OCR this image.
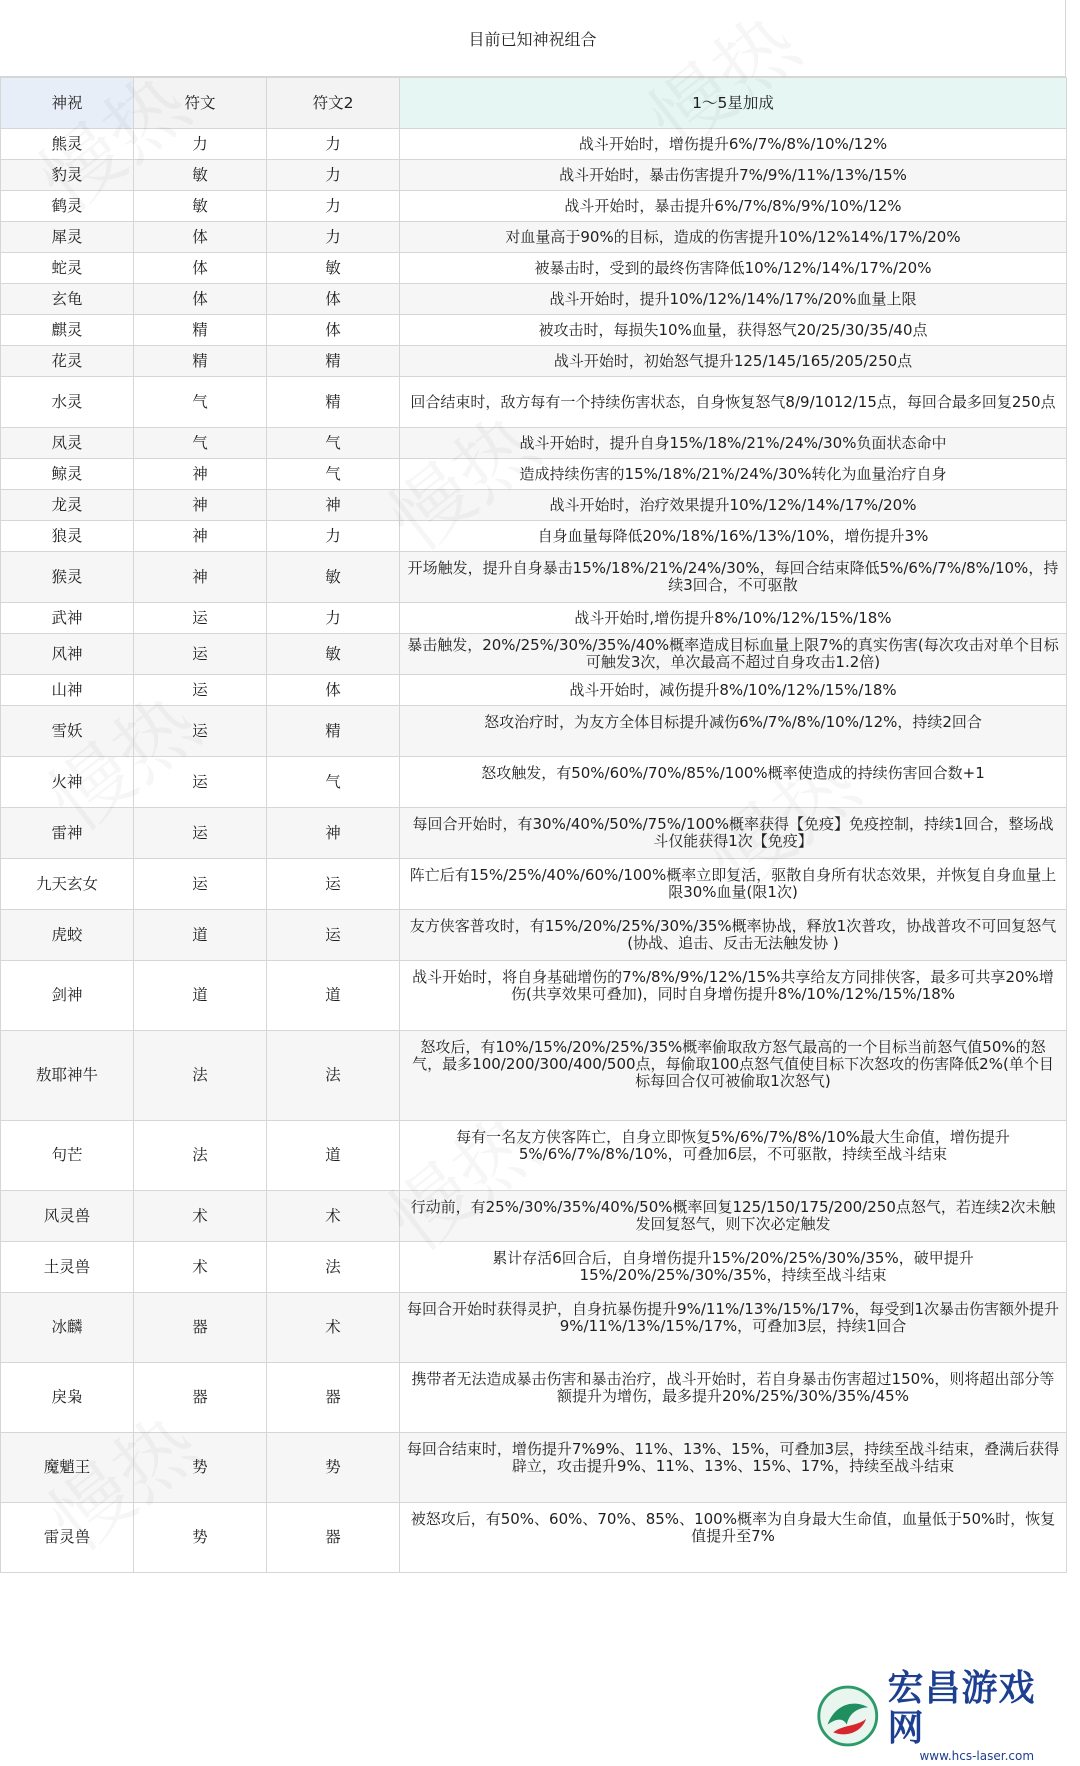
目前已知神祝组合
神祝	符文	符文2	1～5星加成
熊灵	力	力	战斗开始时，增伤提升6%/7%/8%/10%/12%
豹灵	敏	力	战斗开始时，暴击伤害提升7%/9%/11%/13%/15%
鹤灵	敏	力	战斗开始时，暴击提升6%/7%/8%/9%/10%/12%
犀灵	体	力	对血量高于90%的目标，造成的伤害提升10%/12%14%/17%/20%
蛇灵	体	敏	被暴击时，受到的最终伤害降低10%/12%/14%/17%/20%
玄龟	体	体	战斗开始时，提升10%/12%/14%/17%/20%血量上限
麒灵	精	体	被攻击时，每损失10%血量，获得怒气20/25/30/35/40点
花灵	精	精	战斗开始时，初始怒气提升125/145/165/205/250点
水灵	气	精	回合结束时，敌方每有一个持续伤害状态，自身恢复怒气8/9/1012/15点，每回合最多回复250点
凤灵	气	气	战斗开始时，提升自身15%/18%/21%/24%/30%负面状态命中
鲸灵	神	气	造成持续伤害的15%/18%/21%/24%/30%转化为血量治疗自身
龙灵	神	神	战斗开始时，治疗效果提升10%/12%/14%/17%/20%
狼灵	神	力	自身血量每降低20%/18%/16%/13%/10%，增伤提升3%
猴灵	神	敏	开场触发，提升自身暴击15%/18%/21%/24%/30%，每回合结束降低5%/6%/7%/8%/10%，持续3回合，不可驱散
武神	运	力	战斗开始时,增伤提升8%/10%/12%/15%/18%
风神	运	敏	暴击触发，20%/25%/30%/35%/40%概率造成目标血量上限7%的真实伤害(每次攻击对单个目标可触发3次，单次最高不超过自身攻击1.2倍)
山神	运	体	战斗开始时，减伤提升8%/10%/12%/15%/18%
雪妖	运	精	怒攻治疗时，为友方全体目标提升减伤6%/7%/8%/10%/12%，持续2回合
火神	运	气	怒攻触发，有50%/60%/70%/85%/100%概率使造成的持续伤害回合数+1
雷神	运	神	每回合开始时，有30%/40%/50%/75%/100%概率获得【免疫】免疫控制，持续1回合，整场战斗仅能获得1次【免疫】
九天玄女	运	运	阵亡后有15%/25%/40%/60%/100%概率立即复活，驱散自身所有状态效果，并恢复自身血量上限30%血量(限1次)
虎蛟	道	运	友方侠客普攻时，有15%/20%/25%/30%/35%概率协战，释放1次普攻，协战普攻不可回复怒气(协战、追击、反击无法触发协 )
剑神	道	道	战斗开始时，将自身基础增伤的7%/8%/9%/12%/15%共享给友方同排侠客，最多可共享20%增伤(共享效果可叠加)，同时自身增伤提升8%/10%/12%/15%/18%
敖耶神牛	法	法	怒攻后，有10%/15%/20%/25%/35%概率偷取敌方怒气最高的一个目标当前怒气值50%的怒气，最多100/200/300/400/500点，每偷取100点怒气值使目标下次怒攻的伤害降低2%(单个目标每回合仅可被偷取1次怒气)
句芒	法	道	每有一名友方侠客阵亡，自身立即恢复5%/6%/7%/8%/10%最大生命值，增伤提升5%/6%/7%/8%/10%，可叠加6层，不可驱散，持续至战斗结束
风灵兽	术	术	行动前，有25%/30%/35%/40%/50%概率回复125/150/175/200/250点怒气，若连续2次未触发回复怒气，则下次必定触发
土灵兽	术	法	累计存活6回合后，自身增伤提升15%/20%/25%/30%/35%，破甲提升15%/20%/25%/30%/35%，持续至战斗结束
冰麟	器	术	每回合开始时获得灵护，自身抗暴伤提升9%/11%/13%/15%/17%，每受到1次暴击伤害额外提升9%/11%/13%/15%/17%，可叠加3层，持续1回合
戾枭	器	器	携带者无法造成暴击伤害和暴击治疗，战斗开始时，若自身暴击伤害超过150%，则将超出部分等额提升为增伤，最多提升20%/25%/30%/35%/45%
魔魈王	势	势	每回合结束时，增伤提升7%9%、11%、13%、15%，可叠加3层，持续至战斗结束，叠满后获得辟立，攻击提升9%、11%、13%、15%、17%，持续至战斗结束
雷灵兽	势	器	被怒攻后，有50%、60%、70%、85%、100%概率为自身最大生命值，血量低于50%时，恢复值提升至7%
宏昌游戏网
www.hcs-laser.com
